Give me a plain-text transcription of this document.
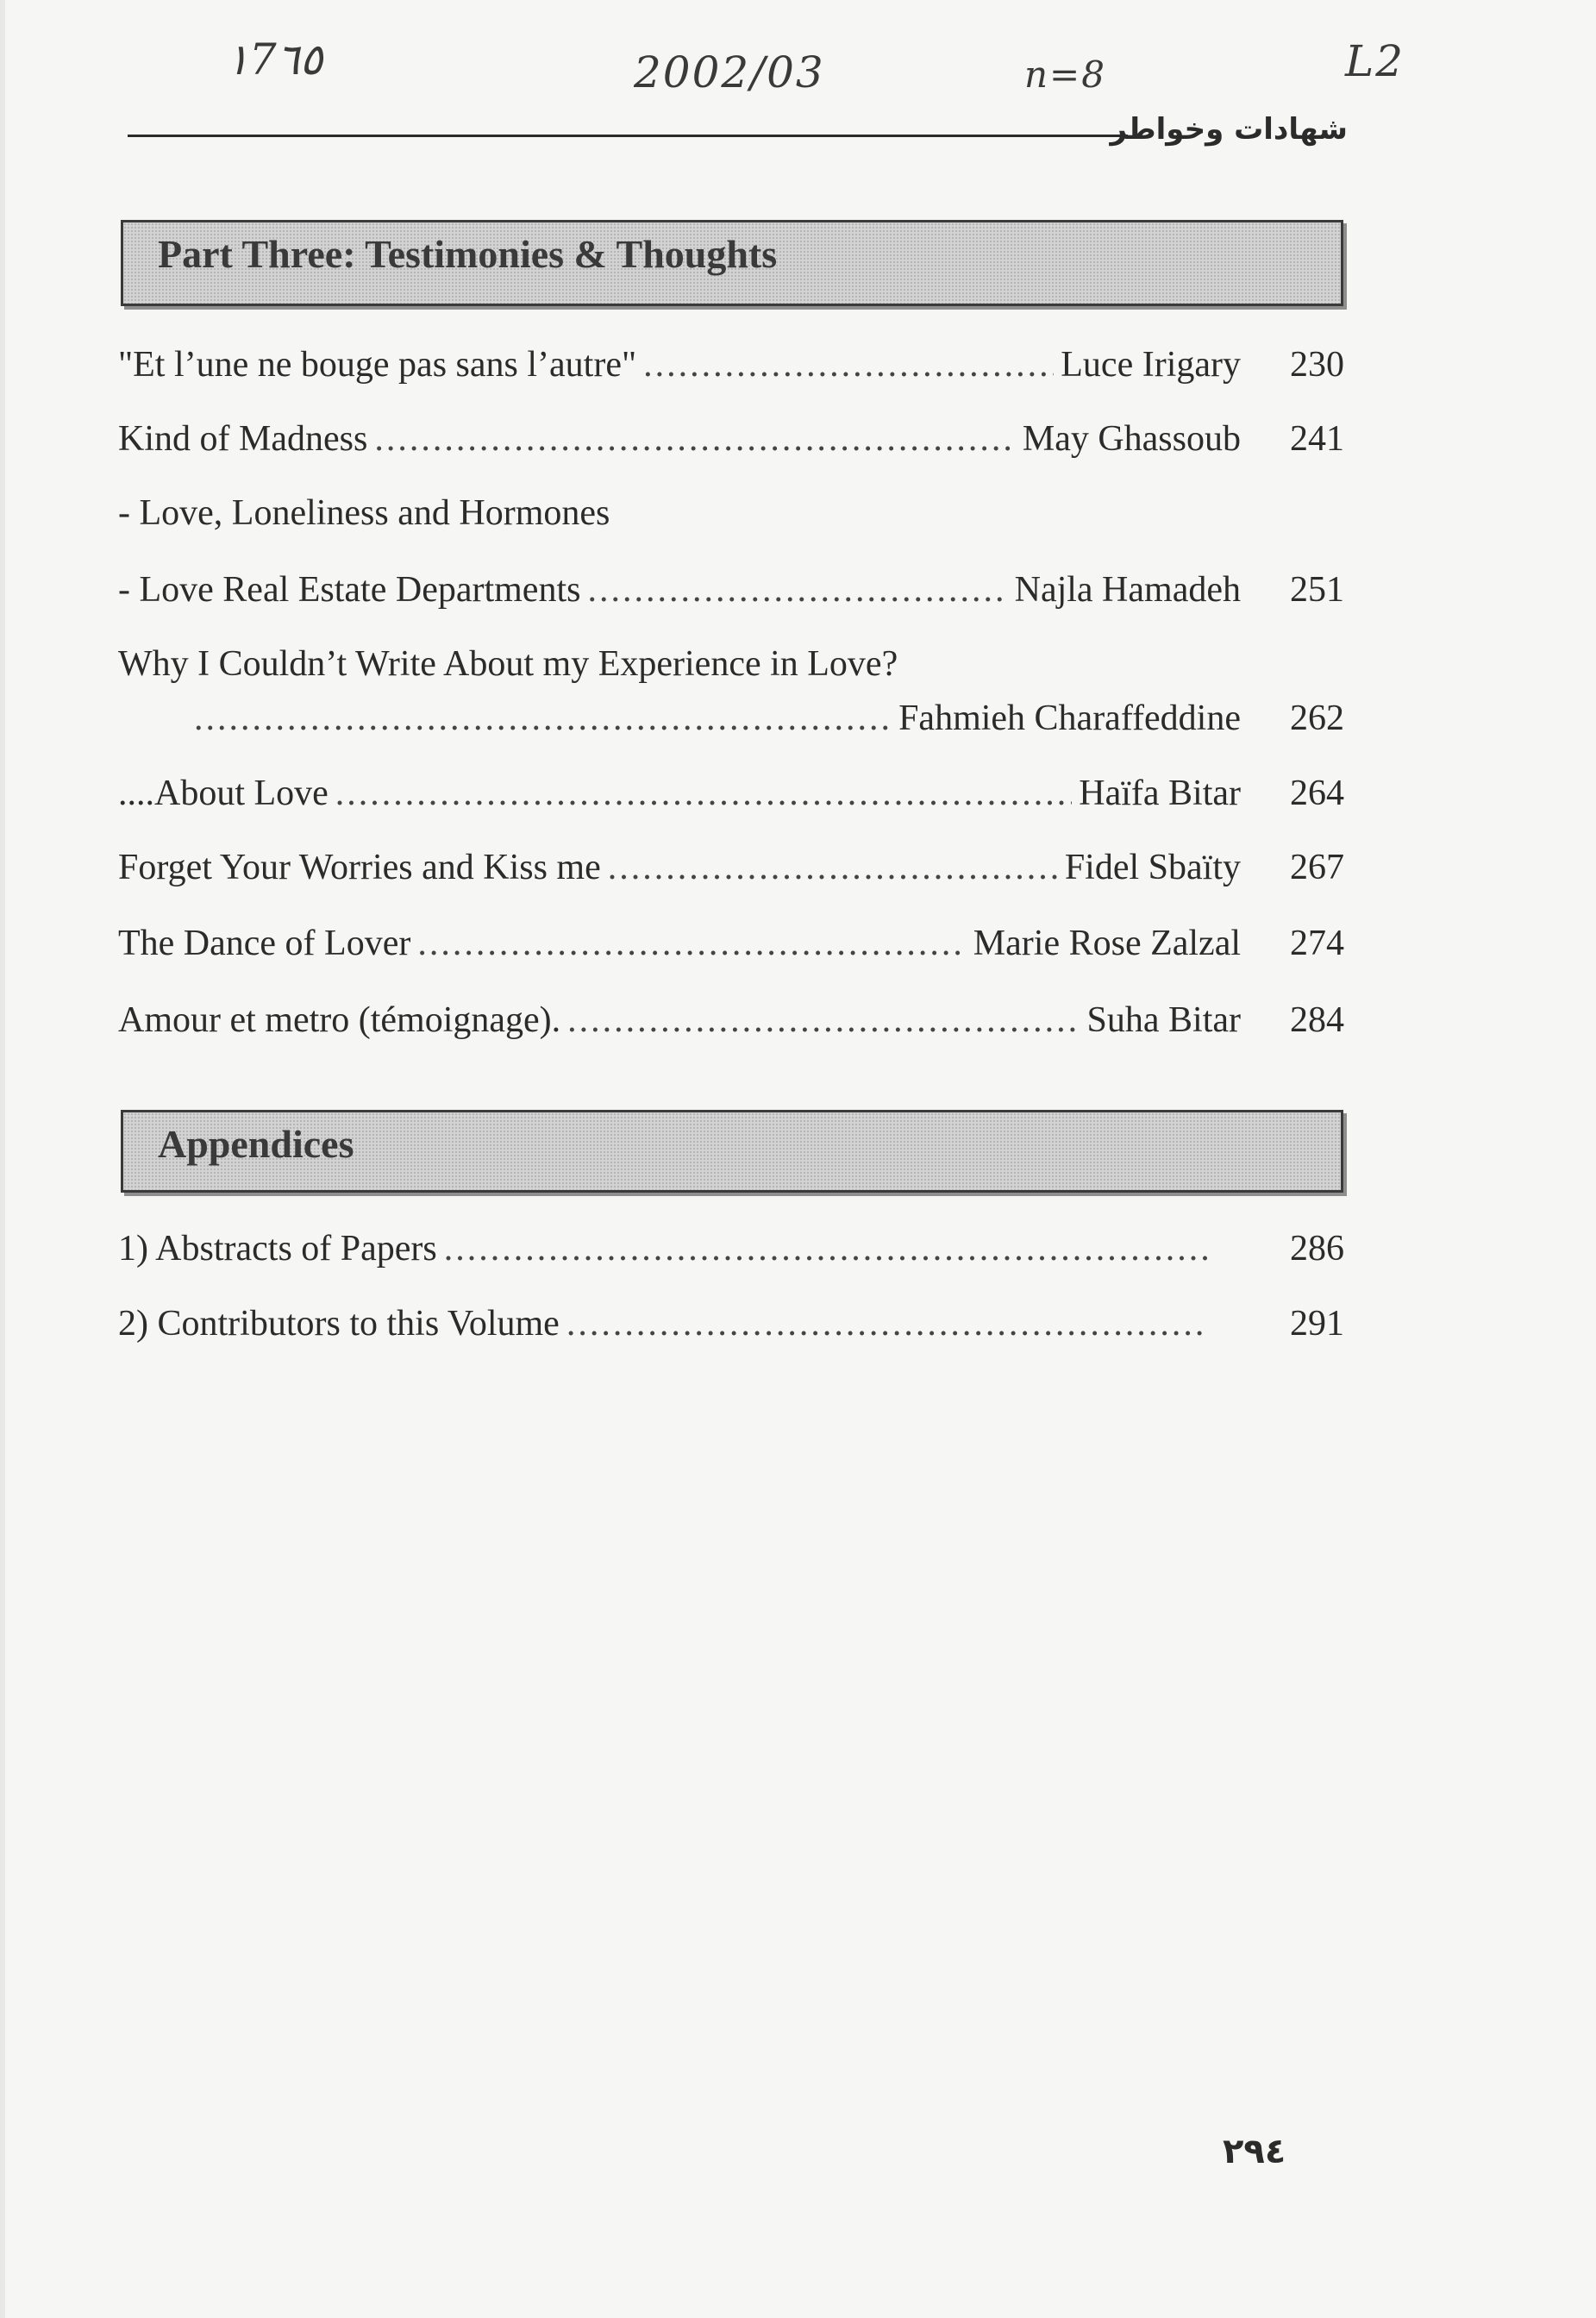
١7٦٥	2002/03	n=8	L2
شهادات وخواطر
Part Three: Testimonies & Thoughts
"Et l’une ne bouge pas sans l’autre" .....	Luce Irigary	230
Kind of Madness .....	May Ghassoub	241
- Love, Loneliness and Hormones
- Love Real Estate Departments .....	Najla Hamadeh	251
Why I Couldn’t Write About my Experience in Love?
.....
Fahmieh Charaffeddine	262
....About Love .....	Haïfa Bitar	264
Forget Your Worries and Kiss me .....	Fidel Sbaïty	267
The Dance of Lover .....	Marie Rose Zalzal	274
Amour et metro (témoignage). .....	Suha Bitar	284
Appendices
1) Abstracts of Papers .....	286
2) Contributors to this Volume .....	291
٢٩٤
